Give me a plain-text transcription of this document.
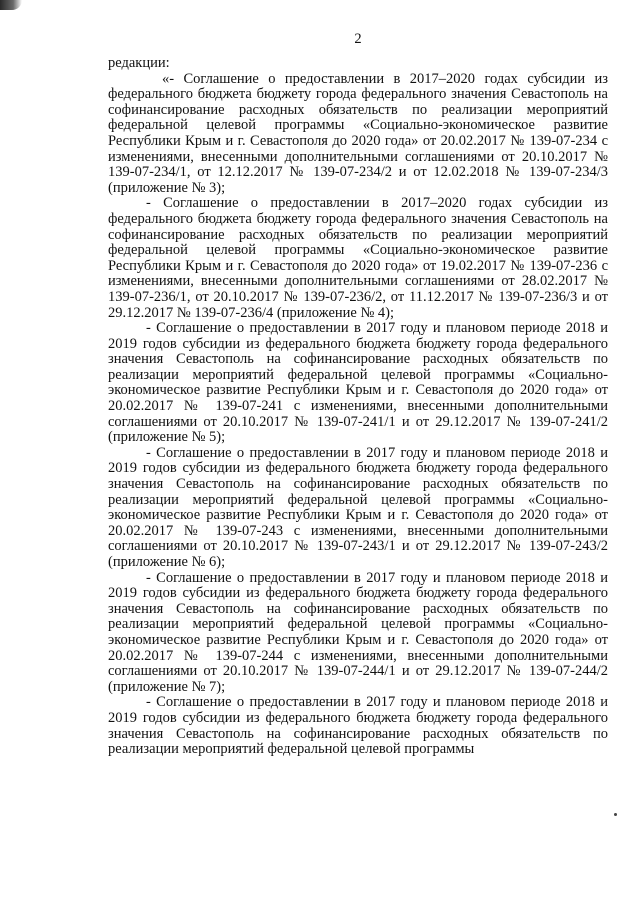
2

редакции:

«- Соглашение о предоставлении в 2017–2020 годах субсидии из федерального бюджета бюджету города федерального значения Севастополь на софинансирование расходных обязательств по реализации мероприятий федеральной целевой программы «Социально-экономическое развитие Республики Крым и г. Севастополя до 2020 года» от 20.02.2017 № 139-07-234 с изменениями, внесенными дополнительными соглашениями от 20.10.2017 № 139-07-234/1, от 12.12.2017 № 139-07-234/2 и от 12.02.2018 № 139-07-234/3 (приложение № 3);

- Соглашение о предоставлении в 2017–2020 годах субсидии из федерального бюджета бюджету города федерального значения Севастополь на софинансирование расходных обязательств по реализации мероприятий федеральной целевой программы «Социально-экономическое развитие Республики Крым и г. Севастополя до 2020 года» от 19.02.2017 № 139-07-236 с изменениями, внесенными дополнительными соглашениями от 28.02.2017 № 139-07-236/1, от 20.10.2017 № 139-07-236/2, от 11.12.2017 № 139-07-236/3 и от 29.12.2017 № 139-07-236/4 (приложение № 4);

- Соглашение о предоставлении в 2017 году и плановом периоде 2018 и 2019 годов субсидии из федерального бюджета бюджету города федерального значения Севастополь на софинансирование расходных обязательств по реализации мероприятий федеральной целевой программы «Социально-экономическое развитие Республики Крым и г. Севастополя до 2020 года» от 20.02.2017 № 139-07-241 с изменениями, внесенными дополнительными соглашениями от 20.10.2017 № 139-07-241/1 и от 29.12.2017 № 139-07-241/2 (приложение № 5);

- Соглашение о предоставлении в 2017 году и плановом периоде 2018 и 2019 годов субсидии из федерального бюджета бюджету города федерального значения Севастополь на софинансирование расходных обязательств по реализации мероприятий федеральной целевой программы «Социально-экономическое развитие Республики Крым и г. Севастополя до 2020 года» от 20.02.2017 № 139-07-243 с изменениями, внесенными дополнительными соглашениями от 20.10.2017 № 139-07-243/1 и от 29.12.2017 № 139-07-243/2 (приложение № 6);

- Соглашение о предоставлении в 2017 году и плановом периоде 2018 и 2019 годов субсидии из федерального бюджета бюджету города федерального значения Севастополь на софинансирование расходных обязательств по реализации мероприятий федеральной целевой программы «Социально-экономическое развитие Республики Крым и г. Севастополя до 2020 года» от 20.02.2017 № 139-07-244 с изменениями, внесенными дополнительными соглашениями от 20.10.2017 № 139-07-244/1 и от 29.12.2017 № 139-07-244/2 (приложение № 7);

- Соглашение о предоставлении в 2017 году и плановом периоде 2018 и 2019 годов субсидии из федерального бюджета бюджету города федерального значения Севастополь на софинансирование расходных обязательств по реализации мероприятий федеральной целевой программы
